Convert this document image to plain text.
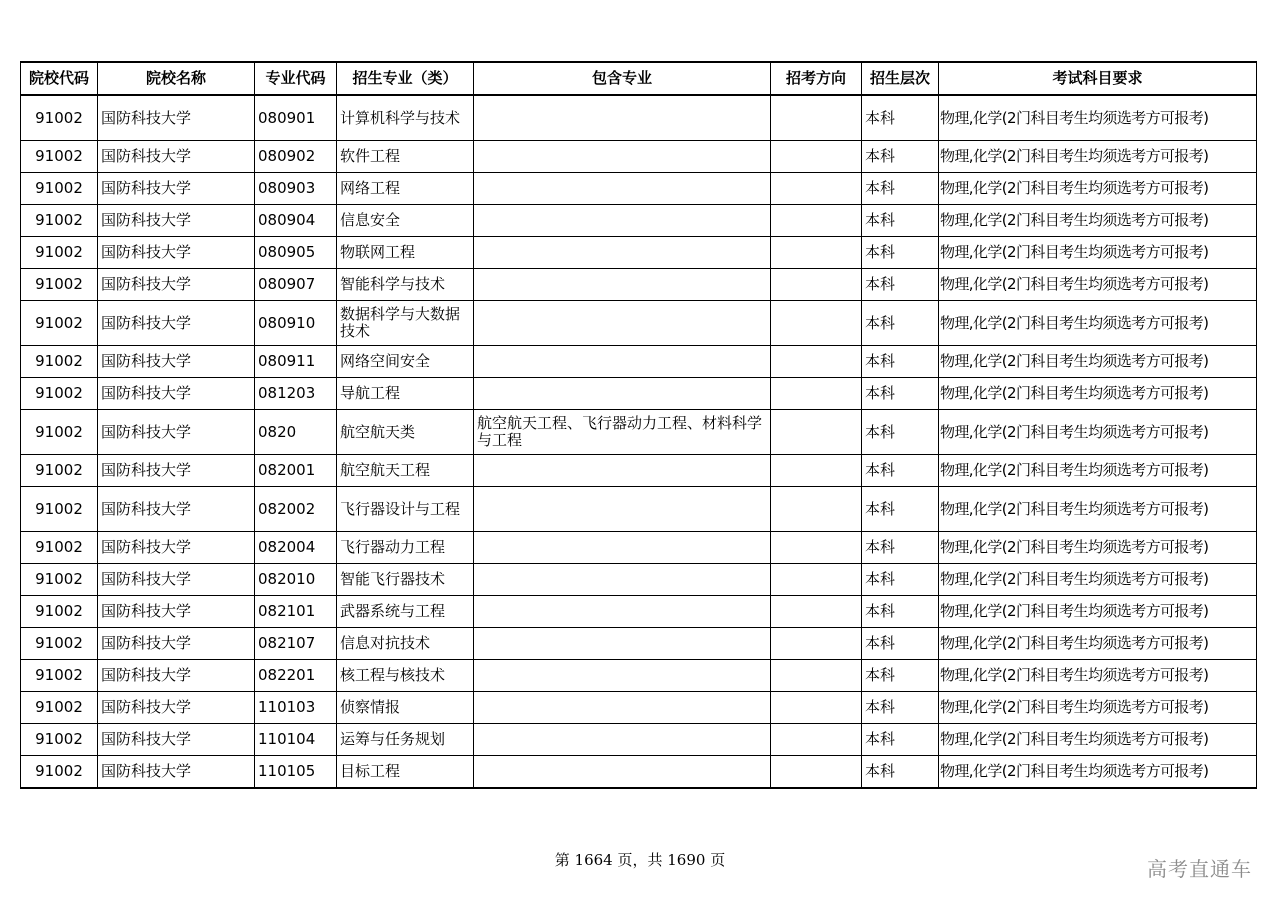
院校代码	院校名称	专业代码	招生专业（类）	包含专业	招考方向	招生层次	考试科目要求
91002	国防科技大学	080901	计算机科学与技术			本科	物理,化学(2门科目考生均须选考方可报考)
91002	国防科技大学	080902	软件工程			本科	物理,化学(2门科目考生均须选考方可报考)
91002	国防科技大学	080903	网络工程			本科	物理,化学(2门科目考生均须选考方可报考)
91002	国防科技大学	080904	信息安全			本科	物理,化学(2门科目考生均须选考方可报考)
91002	国防科技大学	080905	物联网工程			本科	物理,化学(2门科目考生均须选考方可报考)
91002	国防科技大学	080907	智能科学与技术			本科	物理,化学(2门科目考生均须选考方可报考)
91002	国防科技大学	080910	数据科学与大数据技术			本科	物理,化学(2门科目考生均须选考方可报考)
91002	国防科技大学	080911	网络空间安全			本科	物理,化学(2门科目考生均须选考方可报考)
91002	国防科技大学	081203	导航工程			本科	物理,化学(2门科目考生均须选考方可报考)
91002	国防科技大学	0820	航空航天类	航空航天工程、飞行器动力工程、材料科学与工程		本科	物理,化学(2门科目考生均须选考方可报考)
91002	国防科技大学	082001	航空航天工程			本科	物理,化学(2门科目考生均须选考方可报考)
91002	国防科技大学	082002	飞行器设计与工程			本科	物理,化学(2门科目考生均须选考方可报考)
91002	国防科技大学	082004	飞行器动力工程			本科	物理,化学(2门科目考生均须选考方可报考)
91002	国防科技大学	082010	智能飞行器技术			本科	物理,化学(2门科目考生均须选考方可报考)
91002	国防科技大学	082101	武器系统与工程			本科	物理,化学(2门科目考生均须选考方可报考)
91002	国防科技大学	082107	信息对抗技术			本科	物理,化学(2门科目考生均须选考方可报考)
91002	国防科技大学	082201	核工程与核技术			本科	物理,化学(2门科目考生均须选考方可报考)
91002	国防科技大学	110103	侦察情报			本科	物理,化学(2门科目考生均须选考方可报考)
91002	国防科技大学	110104	运筹与任务规划			本科	物理,化学(2门科目考生均须选考方可报考)
91002	国防科技大学	110105	目标工程			本科	物理,化学(2门科目考生均须选考方可报考)
第 1664 页，共 1690 页	高考直通车
